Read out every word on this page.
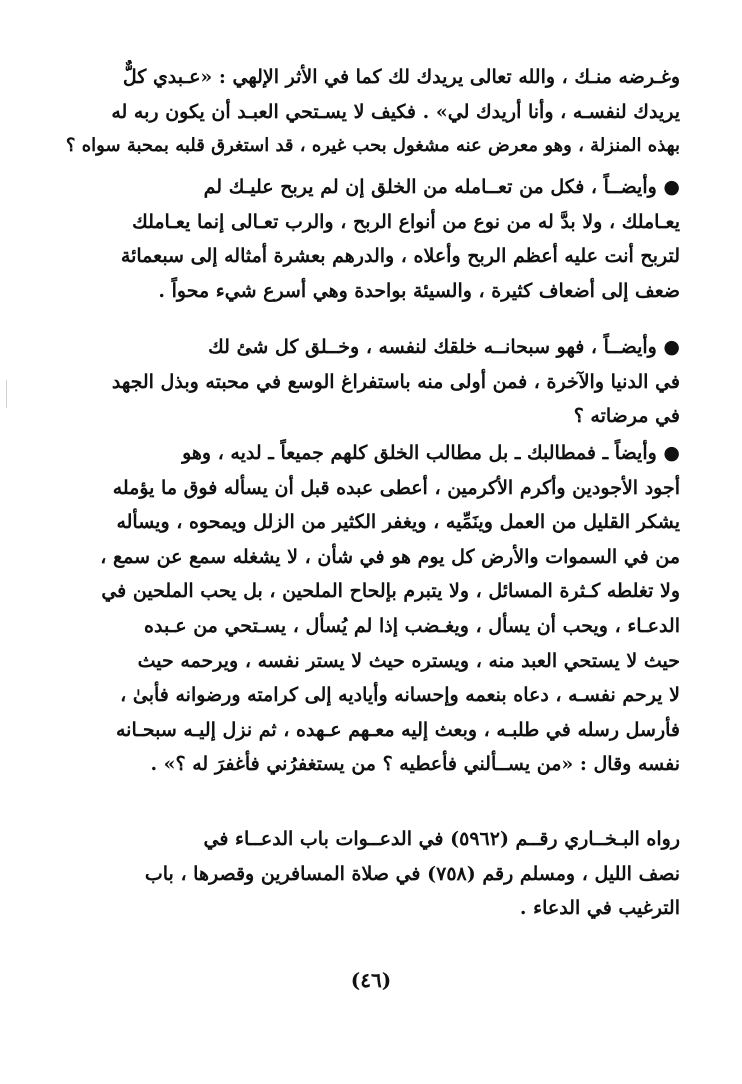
وغـرضه منـك ، والله تعالى يريدك لك كما في الأثر الإلهي : «عـبدي كلٌّ
يريدك لنفسـه ، وأنا أريدك لي» . فكيف لا يسـتحي العبـد أن يكون ربه له
بهذه المنزلة ، وهو معرض عنه مشغول بحب غيره ، قد استغرق قلبه بمحبة سواه ؟
● وأيضــاً ، فكل من تعــامله من الخلق إن لم يربح عليـك لم
يعـاملك ، ولا بدَّ له من نوع من أنواع الربح ، والرب تعـالى إنما يعـاملك
لتربح أنت عليه أعظم الربح وأعلاه ، والدرهم بعشرة أمثاله إلى سبعمائة
ضعف إلى أضعاف كثيرة ، والسيئة بواحدة وهي أسرع شيء محواً .
● وأيضــاً ، فهو سبحانــه خلقك لنفسه ، وخــلق كل شئ لك
في الدنيا والآخرة ، فمن أولى منه باستفراغ الوسع في محبته وبذل الجهد
في مرضاته ؟
● وأيضاً ـ فمطالبك ـ بل مطالب الخلق كلهم جميعاً ـ لديه ، وهو
أجود الأجودين وأكرم الأكرمين ، أعطى عبده قبل أن يسأله فوق ما يؤمله
يشكر القليل من العمل وينَمِّيه ، ويغفر الكثير من الزلل ويمحوه ، ويسأله
من في السموات والأرض كل يوم هو في شأن ، لا يشغله سمع عن سمع ،
ولا تغلطه كـثرة المسائل ، ولا يتبرم بإلحاح الملحين ، بل يحب الملحين في
الدعـاء ، ويحب أن يسأل ، ويغـضب إذا لم يُسأل ، يسـتحي من عـبده
حيث لا يستحي العبد منه ، ويستره حيث لا يستر نفسه ، ويرحمه حيث
لا يرحم نفسـه ، دعاه بنعمه وإحسانه وأياديه إلى كرامته ورضوانه فأبىٰ ،
فأرسل رسله في طلبـه ، وبعث إليه معـهم عـهده ، ثم نزل إليـه سبحـانه
نفسه وقال : «من يســألني فأعطيه ؟ من يستغفرُني فأغفرَ له ؟» .
رواه البـخــاري رقــم (٥٩٦٢) في الدعــوات باب الدعــاء في
نصف الليل ، ومسلم رقم (٧٥٨) في صلاة المسافرين وقصرها ، باب
الترغيب في الدعاء .
(٤٦)
